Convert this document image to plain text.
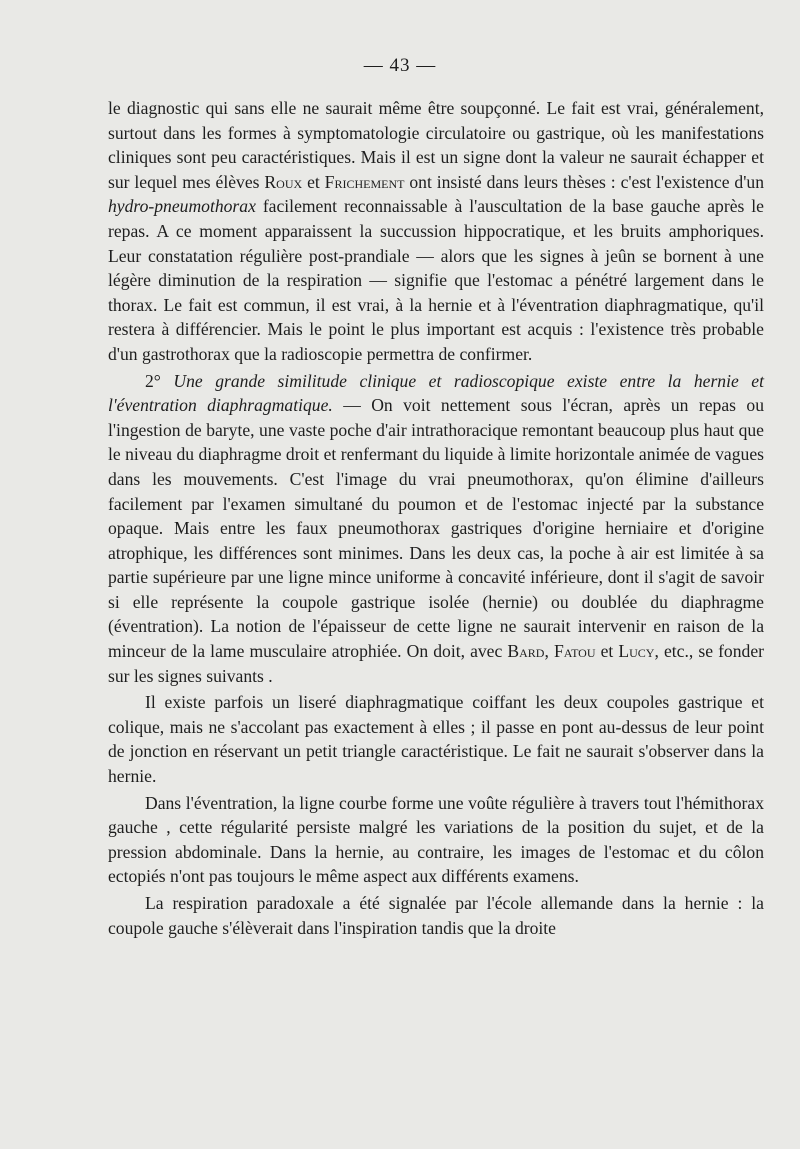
— 43 —

le diagnostic qui sans elle ne saurait même être soupçonné. Le fait est vrai, généralement, surtout dans les formes à symptomatologie circulatoire ou gastrique, où les manifestations cliniques sont peu caractéristiques. Mais il est un signe dont la valeur ne saurait échapper et sur lequel mes élèves Roux et Frichement ont insisté dans leurs thèses : c'est l'existence d'un hydro-pneumothorax facilement reconnaissable à l'auscultation de la base gauche après le repas. A ce moment apparaissent la succussion hippocratique, et les bruits amphoriques. Leur constatation régulière post-prandiale — alors que les signes à jeûn se bornent à une légère diminution de la respiration — signifie que l'estomac a pénétré largement dans le thorax. Le fait est commun, il est vrai, à la hernie et à l'éventration diaphragmatique, qu'il restera à différencier. Mais le point le plus important est acquis : l'existence très probable d'un gastrothorax que la radioscopie permettra de confirmer.

2° Une grande similitude clinique et radioscopique existe entre la hernie et l'éventration diaphragmatique. — On voit nettement sous l'écran, après un repas ou l'ingestion de baryte, une vaste poche d'air intrathoracique remontant beaucoup plus haut que le niveau du diaphragme droit et renfermant du liquide à limite horizontale animée de vagues dans les mouvements. C'est l'image du vrai pneumothorax, qu'on élimine d'ailleurs facilement par l'examen simultané du poumon et de l'estomac injecté par la substance opaque. Mais entre les faux pneumothorax gastriques d'origine herniaire et d'origine atrophique, les différences sont minimes. Dans les deux cas, la poche à air est limitée à sa partie supérieure par une ligne mince uniforme à concavité inférieure, dont il s'agit de savoir si elle représente la coupole gastrique isolée (hernie) ou doublée du diaphragme (éventration). La notion de l'épaisseur de cette ligne ne saurait intervenir en raison de la minceur de la lame musculaire atrophiée. On doit, avec Bard, Fatou et Lucy, etc., se fonder sur les signes suivants .

Il existe parfois un liseré diaphragmatique coiffant les deux coupoles gastrique et colique, mais ne s'accolant pas exactement à elles ; il passe en pont au-dessus de leur point de jonction en réservant un petit triangle caractéristique. Le fait ne saurait s'observer dans la hernie.

Dans l'éventration, la ligne courbe forme une voûte régulière à travers tout l'hémithorax gauche , cette régularité persiste malgré les variations de la position du sujet, et de la pression abdominale. Dans la hernie, au contraire, les images de l'estomac et du côlon ectopiés n'ont pas toujours le même aspect aux différents examens.

La respiration paradoxale a été signalée par l'école allemande dans la hernie : la coupole gauche s'élèverait dans l'inspiration tandis que la droite
